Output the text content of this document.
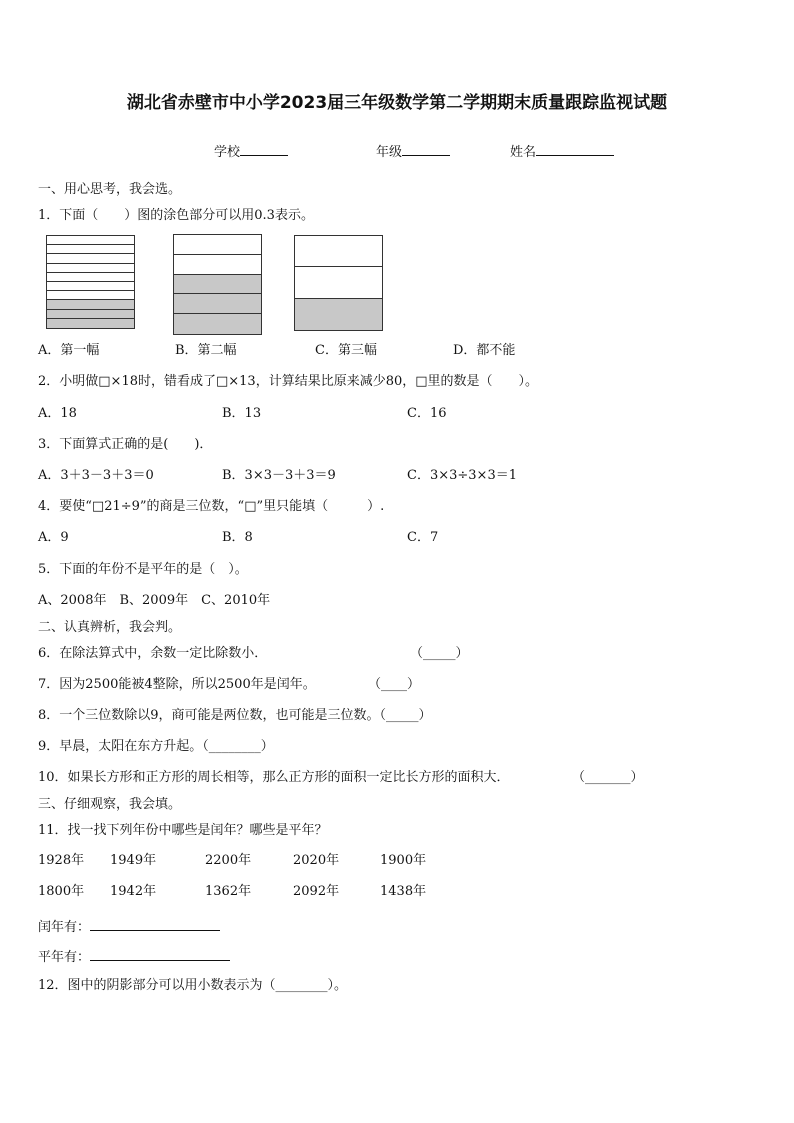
湖北省赤壁市中小学2023届三年级数学第二学期期末质量跟踪监视试题
学校	年级	姓名
一、用心思考，我会选。
1．下面（　　）图的涂色部分可以用0.3表示。
A．第一幅	B．第二幅	C．第三幅	D．都不能
2．小明做□×18时，错看成了□×13，计算结果比原来减少80，□里的数是（　　）。
A．18	B．13	C．16
3．下面算式正确的是(　　)．
A．3＋3－3＋3＝0	B．3×3－3＋3＝9	C．3×3÷3×3＝1
4．要使“□21÷9”的商是三位数，“□”里只能填（　　　）.
A．9	B．8	C．7
5．下面的年份不是平年的是（　）。
A、2008年　B、2009年　C、2010年
二、认真辨析，我会判。
6．在除法算式中，余数一定比除数小．	（_____）
7．因为2500能被4整除，所以2500年是闰年。	（____）
8．一个三位数除以9，商可能是两位数，也可能是三位数。（_____）
9．早晨，太阳在东方升起。（________）
10．如果长方形和正方形的周长相等，那么正方形的面积一定比长方形的面积大．	（_______）
三、仔细观察，我会填。
11．找一找下列年份中哪些是闰年？哪些是平年？
1928年 1949年	2200年	2020年	1900年
1800年 1942年	1362年	2092年	1438年
闰年有：
平年有：
12．图中的阴影部分可以用小数表示为（________）。
